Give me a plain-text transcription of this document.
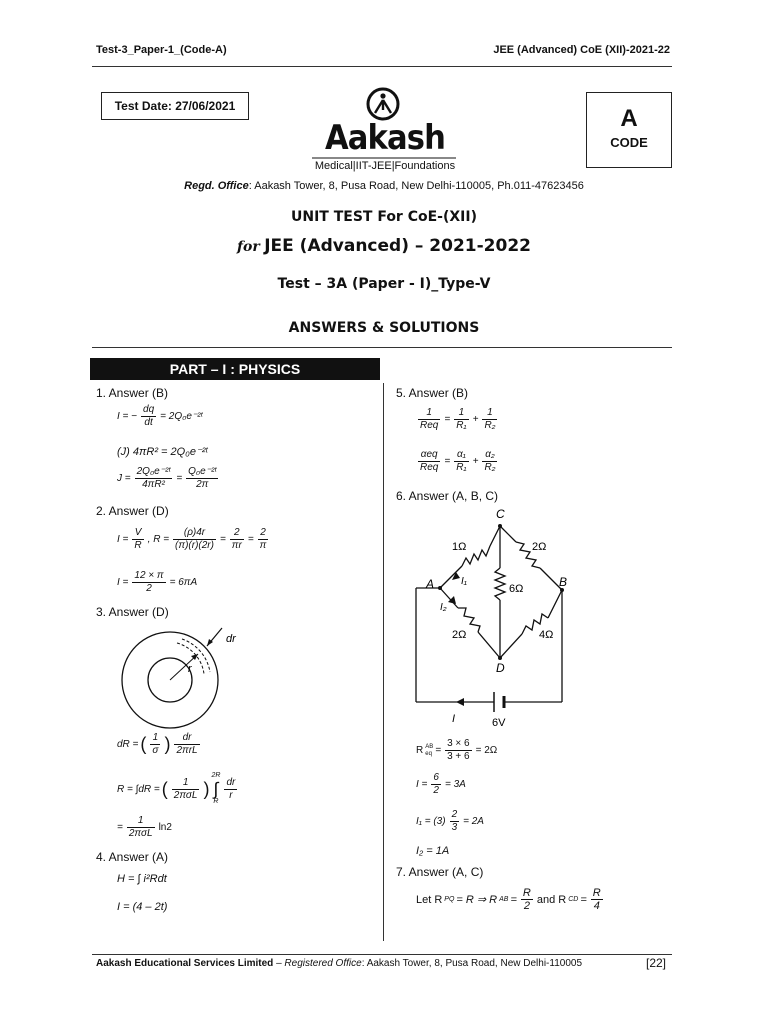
Test-3_Paper-1_(Code-A)	JEE (Advanced) CoE (XII)-2021-22
Test Date: 27/06/2021
Aakash
Medical|IIT-JEE|Foundations
A
CODE
Regd. Office: Aakash Tower, 8, Pusa Road, New Delhi-110005, Ph.011-47623456
UNIT TEST For CoE-(XII)
for JEE (Advanced) – 2021-2022
Test – 3A (Paper - I)_Type-V
ANSWERS & SOLUTIONS
PART – I : PHYSICS
1. Answer (B)
I = − $\frac{dq}{dt}$ = 2Q₀e⁻²ᵗ
(J) 4πR² = 2Q₀e⁻²ᵗ
$J = \frac{\text{2Q₀e⁻²ᵗ}}{\text{4πR²}} = \frac{\text{Q₀e⁻²ᵗ}}{2\pi}$
2. Answer (D)
$I = \frac{V}{R}$ , $R = \frac{(\rho)4r}{(\pi)(r)(2r)} = \frac{2}{\pi r} = \frac{2}{\pi}$
$I = \frac{12 \times \pi}{2} = 6\pi A$
3. Answer (D)
dr
r
dR = ( $\frac{1}{\sigma}$ ) $\frac{dr}{\text{2πrL}}$
R = ∫dR = ( $\frac{1}{\text{2πσL}}$ )
2R
∫
R $\frac{dr}{r}$
= $\frac{1}{\text{2πσL}} \ln 2$
4. Answer (A)
H = ∫ i²Rdt
I = (4 – 2t)
5. Answer (B)
$\frac{1}{\text{Req}} = \frac{1}{\text{R₁}} + \frac{1}{\text{R₂}}$
$\frac{\text{αeq}}{\text{Req}} = \frac{\text{α₁}}{\text{R₁}} + \frac{\text{α₂}}{\text{R₂}}$
6. Answer (A, B, C)
C
A	B
D
1Ω	2Ω
6Ω
2Ω	4Ω
I₁
I₂
I	6V
R AB
eq = $\frac{3 \times 6}{3 + 6} = 2\Omega$
$I = \frac{6}{2} = 3A$
$I_1 = (3) \frac{2}{3} = 2A$
I₂ = 1A
7. Answer (A, C)
Let R PQ = R ⇒ R AB = $\frac{R}{2}$ and R CD = $\frac{R}{4}$
Aakash Educational Services Limited – Registered Office: Aakash Tower, 8, Pusa Road, New Delhi-110005	[22]
